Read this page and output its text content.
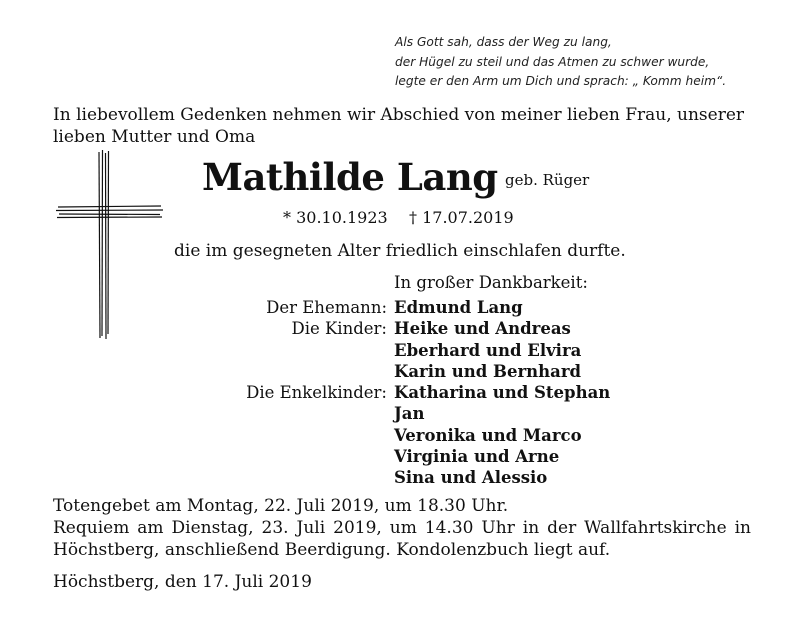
Als Gott sah, dass der Weg zu lang,
der Hügel zu steil und das Atmen zu schwer wurde,
legte er den Arm um Dich und sprach: „ Komm heim“.
In liebevollem Gedenken nehmen wir Abschied von meiner lieben Frau, unserer lieben Mutter und Oma
Mathilde Lang geb. Rüger
* 30.10.1923 † 17.07.2019
die im gesegneten Alter friedlich einschlafen durfte.
In großer Dankbarkeit:
Der Ehemann: Edmund Lang
Die Kinder: Heike und Andreas
Eberhard und Elvira
Karin und Bernhard
Die Enkelkinder: Katharina und Stephan
Jan
Veronika und Marco
Virginia und Arne
Sina und Alessio

Totengebet am Montag, 22. Juli 2019, um 18.30 Uhr.

Requiem am Dienstag, 23. Juli 2019, um 14.30 Uhr in der Wallfahrtskirche in Höchstberg, anschließend Beerdigung. Kondolenzbuch liegt auf.

Höchstberg, den 17. Juli 2019
